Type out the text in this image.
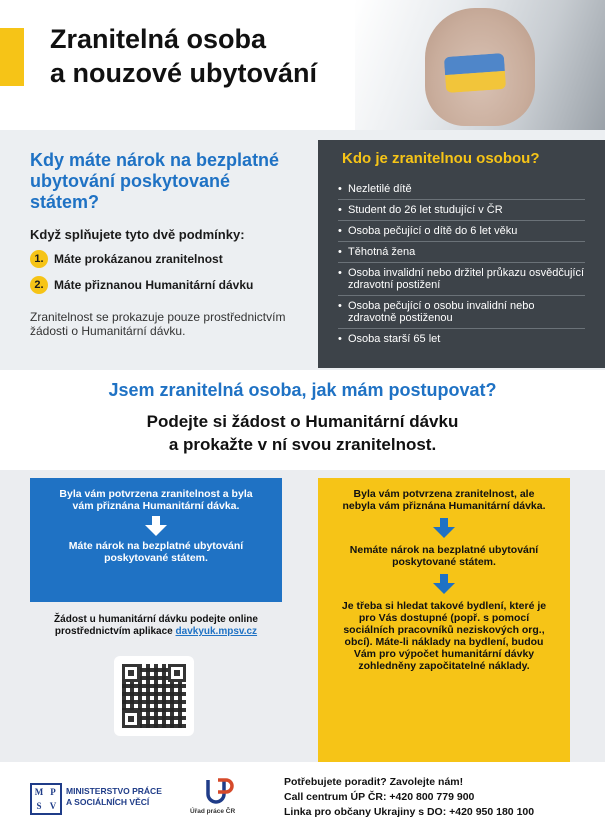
Zranitelná osoba
a nouzové ubytování
Kdy máte nárok na bezplatné ubytování poskytované státem?
Když splňujete tyto dvě podmínky:
1. Máte prokázanou zranitelnost
2. Máte přiznanou Humanitární dávku

Zranitelnost se prokazuje pouze prostřednictvím žádosti o Humanitární dávku.

Kdo je zranitelnou osobou?
• Nezletilé dítě
• Student do 26 let studující v ČR
• Osoba pečující o dítě do 6 let věku
• Těhotná žena
• Osoba invalidní nebo držitel průkazu osvědčující zdravotní postižení
• Osoba pečující o osobu invalidní nebo zdravotně postiženou
• Osoba starší 65 let
Jsem zranitelná osoba, jak mám postupovat?
Podejte si žádost o Humanitární dávku
a prokažte v ní svou zranitelnost.

Byla vám potvrzena zranitelnost a byla vám přiznána Humanitární dávka.

Máte nárok na bezplatné ubytování poskytované státem.

Žádost u humanitární dávku podejte online prostřednictvím aplikace davkyuk.mpsv.cz

Byla vám potvrzena zranitelnost, ale nebyla vám přiznána Humanitární dávka.

Nemáte nárok na bezplatné ubytování poskytované státem.

Je třeba si hledat takové bydlení, které je pro Vás dostupné (popř. s pomocí sociálních pracovníků neziskových org., obcí). Máte-li náklady na bydlení, budou Vám pro výpočet humanitární dávky zohledněny započitatelné náklady.

M P
S V
MINISTERSTVO PRÁCE
A SOCIÁLNÍCH VĚCÍ
Úřad práce ČR
Potřebujete poradit? Zavolejte nám!
Call centrum ÚP ČR: +420 800 779 900
Linka pro občany Ukrajiny s DO: +420 950 180 100
